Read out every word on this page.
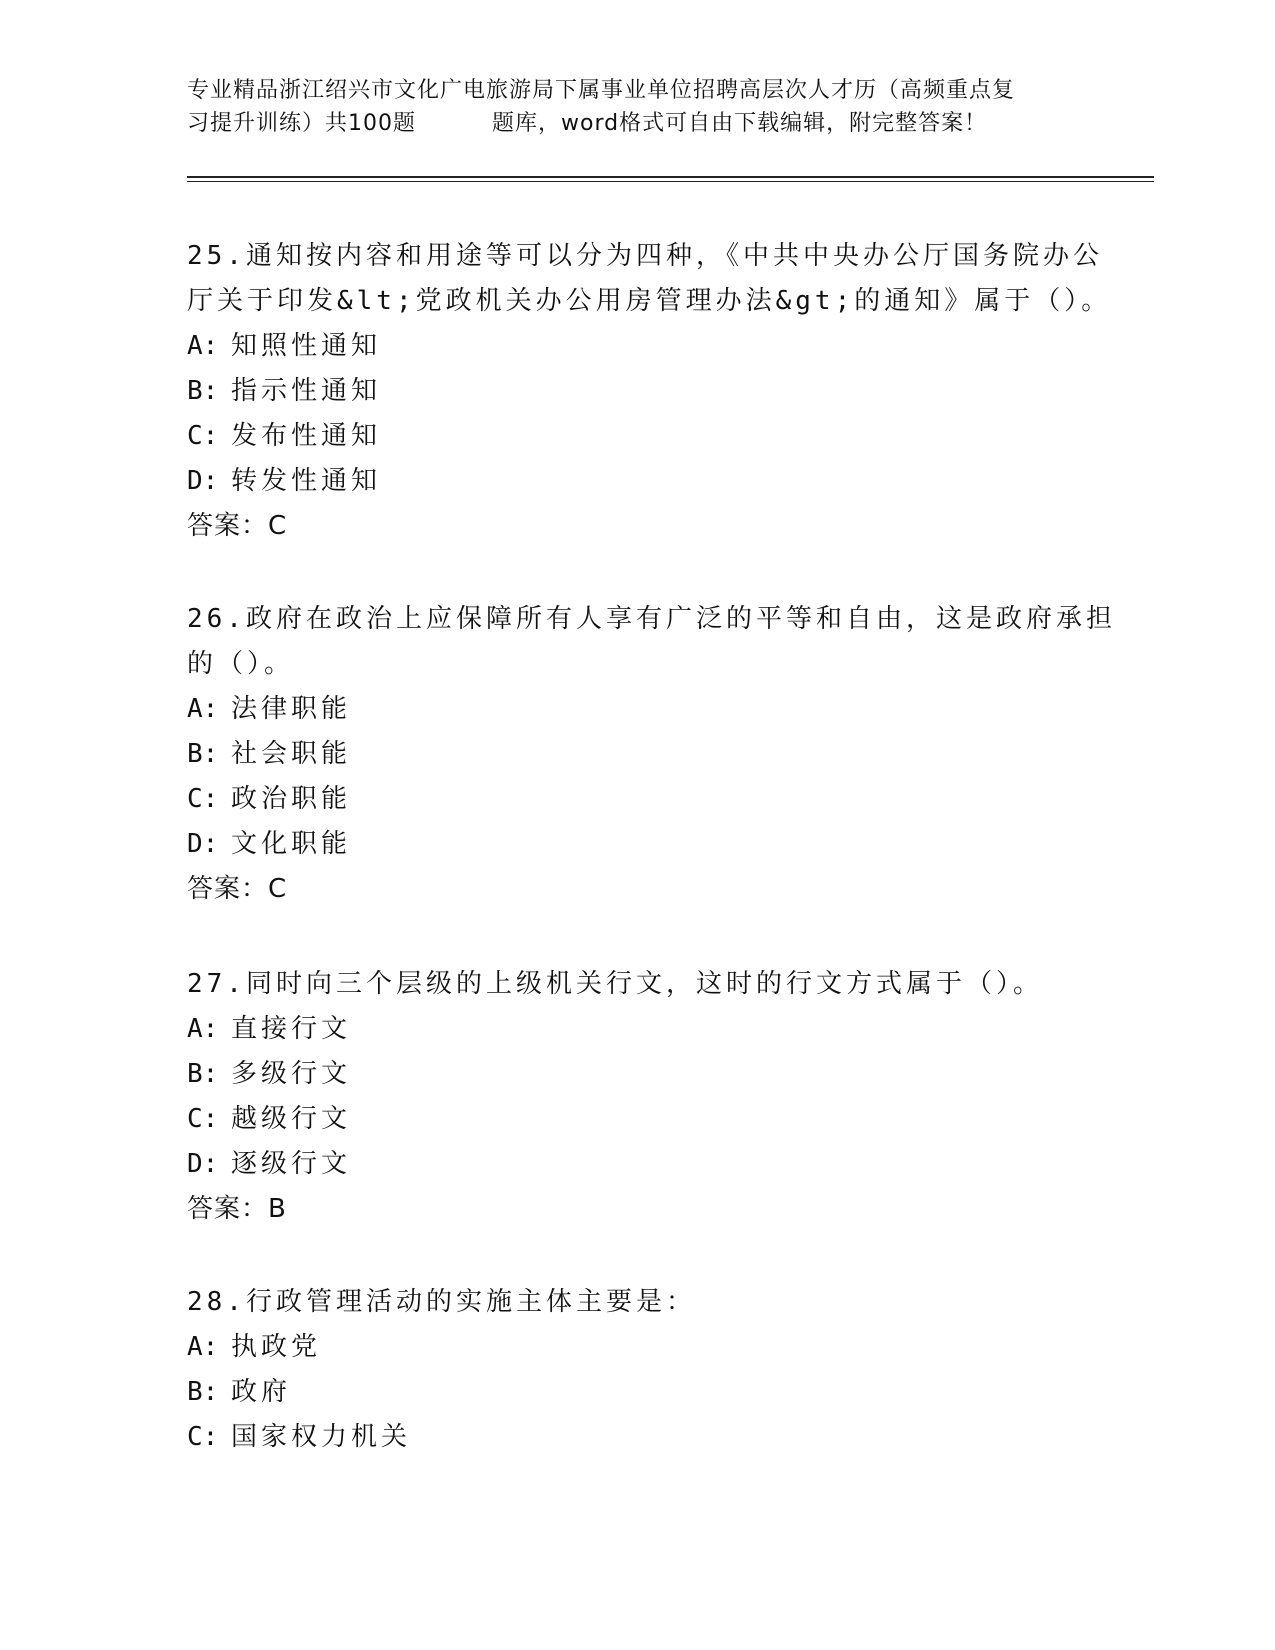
专业精品浙江绍兴市文化广电旅游局下属事业单位招聘高层次人才历（高频重点复
习提升训练）共100题	题库，word格式可自由下载编辑，附完整答案！
25.通知按内容和用途等可以分为四种，《中共中央办公厅国务院办公
厅关于印发&lt;党政机关办公用房管理办法&gt;的通知》属于（）。
A: 知照性通知
B: 指示性通知
C: 发布性通知
D: 转发性通知
答案：C
26.政府在政治上应保障所有人享有广泛的平等和自由，这是政府承担
的（）。
A: 法律职能
B: 社会职能
C: 政治职能
D: 文化职能
答案：C
27.同时向三个层级的上级机关行文，这时的行文方式属于（）。
A: 直接行文
B: 多级行文
C: 越级行文
D: 逐级行文
答案：B
28.行政管理活动的实施主体主要是：
A: 执政党
B: 政府
C: 国家权力机关
